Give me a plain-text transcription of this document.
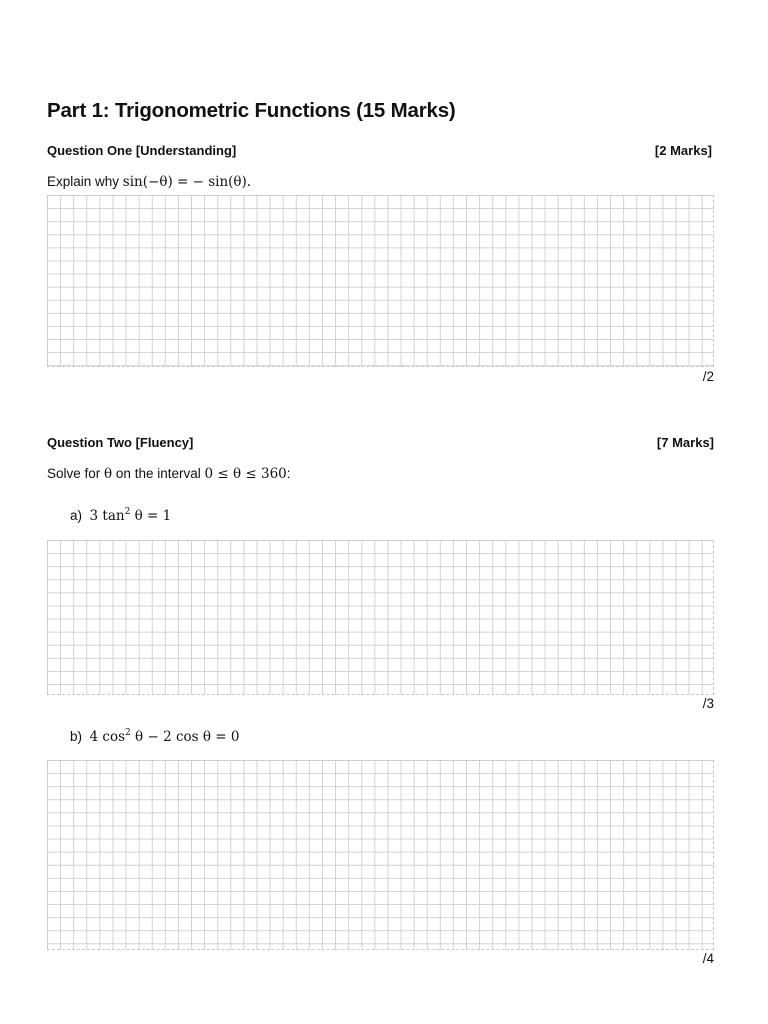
Part 1: Trigonometric Functions (15 Marks)
Question One [Understanding]	[2 Marks]
Explain why sin(−θ) = − sin(θ).
/2
Question Two [Fluency]	[7 Marks]
Solve for θ on the interval 0 ≤ θ ≤ 360:
a) 3 $\tan^2 \theta = 1$
/3
b) 4 $\cos^2 \theta - 2$ cos θ = 0
/4
